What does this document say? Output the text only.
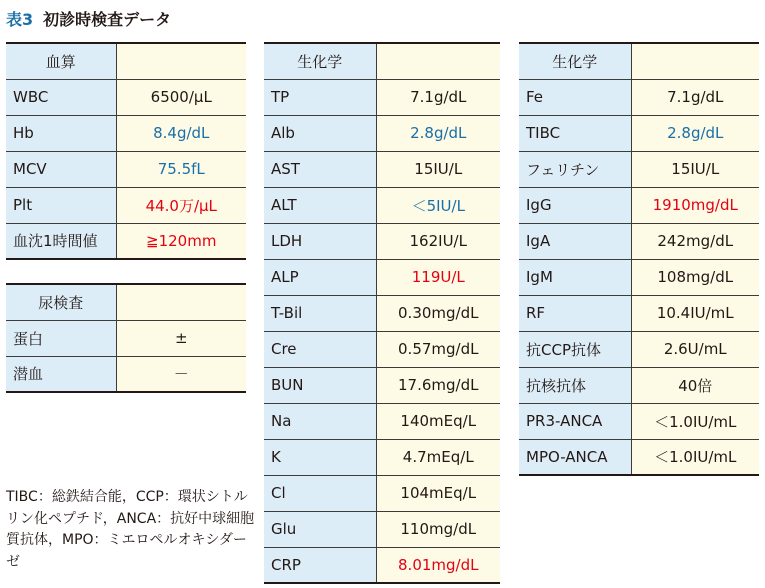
表3 初診時検査データ
血算	
WBC	6500/μL
Hb	8.4g/dL
MCV	75.5fL
Plt	44.0万/μL
血沈1時間値	≧120mm
尿検査	
蛋白	±
潜血	－
生化学	
TP	7.1g/dL
Alb	2.8g/dL
AST	15IU/L
ALT	＜5IU/L
LDH	162IU/L
ALP	119U/L
T-Bil	0.30mg/dL
Cre	0.57mg/dL
BUN	17.6mg/dL
Na	140mEq/L
K	4.7mEq/L
Cl	104mEq/L
Glu	110mg/dL
CRP	8.01mg/dL
生化学	
Fe	7.1g/dL
TIBC	2.8g/dL
フェリチン	15IU/L
IgG	1910mg/dL
IgA	242mg/dL
IgM	108mg/dL
RF	10.4IU/mL
抗CCP抗体	2.6U/mL
抗核抗体	40倍
PR3-ANCA	＜1.0IU/mL
MPO-ANCA	＜1.0IU/mL
TIBC：総鉄結合能，CCP：環状シトルリン化ペプチド，ANCA：抗好中球細胞質抗体，MPO：ミエロペルオキシダーゼ
